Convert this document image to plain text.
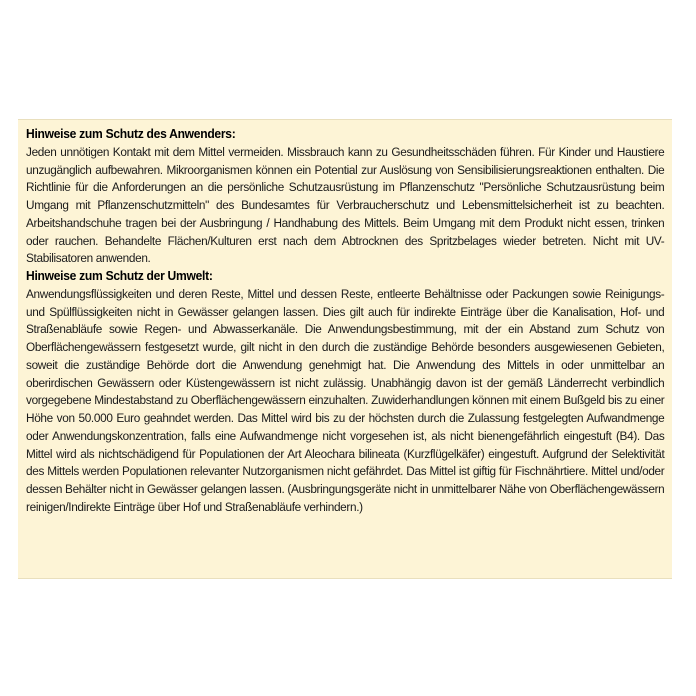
Hinweise zum Schutz des Anwenders:

Jeden unnötigen Kontakt mit dem Mittel vermeiden. Missbrauch kann zu Gesundheitsschäden führen. Für Kinder und Haustiere unzugänglich aufbewahren. Mikroorganismen können ein Potential zur Auslösung von Sensibilisierungsreaktionen enthalten. Die Richtlinie für die Anforderungen an die persönliche Schutzausrüstung im Pflanzenschutz "Persönliche Schutzausrüstung beim Umgang mit Pflanzenschutzmitteln" des Bundesamtes für Verbraucherschutz und Lebensmittelsicherheit ist zu beachten. Arbeitshandschuhe tragen bei der Ausbringung / Handhabung des Mittels. Beim Umgang mit dem Produkt nicht essen, trinken oder rauchen. Behandelte Flächen/Kulturen erst nach dem Abtrocknen des Spritzbelages wieder betreten. Nicht mit UV-Stabilisatoren anwenden.

Hinweise zum Schutz der Umwelt:

Anwendungsflüssigkeiten und deren Reste, Mittel und dessen Reste, entleerte Behältnisse oder Packungen sowie Reinigungs- und Spülflüssigkeiten nicht in Gewässer gelangen lassen. Dies gilt auch für indirekte Einträge über die Kanalisation, Hof- und Straßenabläufe sowie Regen- und Abwasserkanäle. Die Anwendungsbestimmung, mit der ein Abstand zum Schutz von Oberflächengewässern festgesetzt wurde, gilt nicht in den durch die zuständige Behörde besonders ausgewiesenen Gebieten, soweit die zuständige Behörde dort die Anwendung genehmigt hat. Die Anwendung des Mittels in oder unmittelbar an oberirdischen Gewässern oder Küstengewässern ist nicht zulässig. Unabhängig davon ist der gemäß Länderrecht verbindlich vorgegebene Mindestabstand zu Oberflächengewässern einzuhalten. Zuwiderhandlungen können mit einem Bußgeld bis zu einer Höhe von 50.000 Euro geahndet werden. Das Mittel wird bis zu der höchsten durch die Zulassung festgelegten Aufwandmenge oder Anwendungskonzentration, falls eine Aufwandmenge nicht vorgesehen ist, als nicht bienengefährlich eingestuft (B4). Das Mittel wird als nichtschädigend für Populationen der Art Aleochara bilineata (Kurzflügelkäfer) eingestuft. Aufgrund der Selektivität des Mittels werden Populationen relevanter Nutzorganismen nicht gefährdet. Das Mittel ist giftig für Fischnährtiere. Mittel und/oder dessen Behälter nicht in Gewässer gelangen lassen. (Ausbringungsgeräte nicht in unmittelbarer Nähe von Oberflächengewässern reinigen/Indirekte Einträge über Hof und Straßenabläufe verhindern.)
